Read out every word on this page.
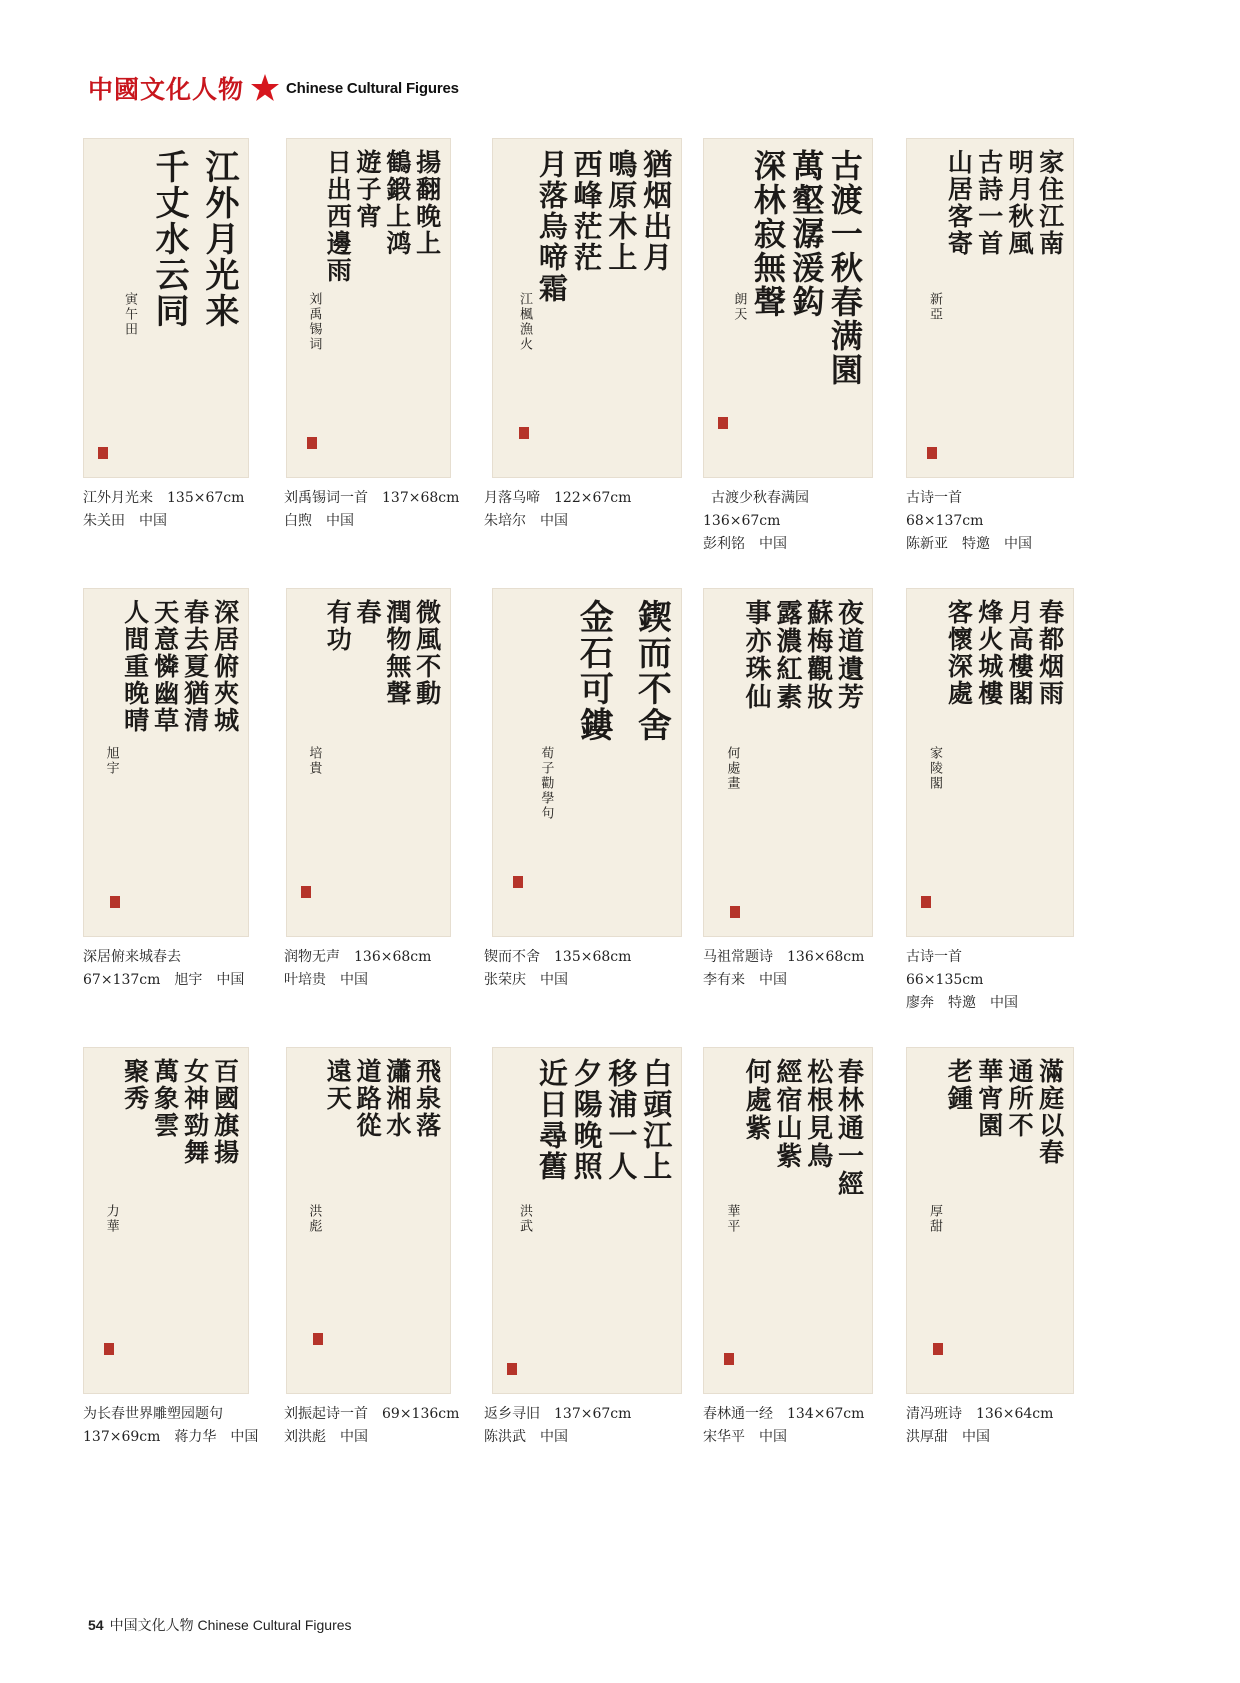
中國文化人物	Chinese Cultural Figures
江外月光来
千丈水云同
寅午田
江外月光来 135×67cm
朱关田 中国
揚翻晚上
鶴鍛上鸿
遊子宵
日出西邊雨
刘禹锡词
刘禹锡词一首 137×68cm
白煦 中国
猶烟出月
鳴原木上
西峰茫茫
月落烏啼霜
江楓漁火
月落乌啼 122×67cm
朱培尔 中国
古渡一秋春满園
萬壑潺湲鈎
深林寂無聲
朗天
古渡少秋春满园
136×67cm
彭利铭 中国
家住江南
明月秋風
古詩一首
山居客寄
新亞
古诗一首
68×137cm
陈新亚 特邀 中国
深居俯夾城
春去夏猶清
天意憐幽草
人間重晚晴
旭宇
深居俯来城春去
67×137cm 旭宇 中国
微風不動
潤物無聲
春
有功
培貴
润物无声 136×68cm
叶培贵 中国
鍥而不舍
金石可鏤
荀子勸學句
锲而不舍 135×68cm
张荣庆 中国
夜道遺芳
蘇梅觀妝
露濃紅素
事亦珠仙
何處畫
马祖常题诗 136×68cm
李有来 中国
春都烟雨
月高樓閣
烽火城樓
客懷深處
家陵閣
古诗一首
66×135cm
廖奔 特邀 中国
百國旗揚
女神勁舞
萬象雲
聚秀
力華
为长春世界雕塑园题句
137×69cm 蒋力华 中国
飛泉落
瀟湘水
道路從
遠天
洪彪
刘振起诗一首 69×136cm
刘洪彪 中国
白頭江上
移浦一人
夕陽晚照
近日尋舊
洪武
返乡寻旧 137×67cm
陈洪武 中国
春林通一經
松根見鳥
經宿山紫
何處紫
華平
春林通一经 134×67cm
宋华平 中国
滿庭以春
通所不
華宵園
老鍾
厚甜
清冯班诗 136×64cm
洪厚甜 中国
54 中国文化人物 Chinese Cultural Figures
